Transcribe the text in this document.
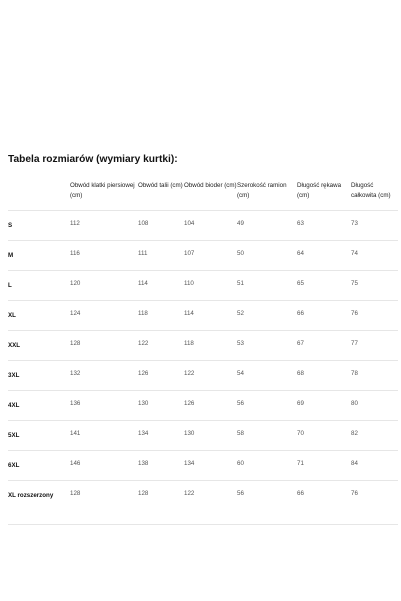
Tabela rozmiarów (wymiary kurtki):
	Obwód klatki piersiowej (cm)	Obwód talii (cm)	Obwód bioder (cm)	Szerokość ramion (cm)	Długość rękawa (cm)	Długość całkowita (cm)
S	112	108	104	49	63	73
M	116	111	107	50	64	74
L	120	114	110	51	65	75
XL	124	118	114	52	66	76
XXL	128	122	118	53	67	77
3XL	132	126	122	54	68	78
4XL	136	130	126	56	69	80
5XL	141	134	130	58	70	82
6XL	146	138	134	60	71	84
XL rozszerzony	128	128	122	56	66	76
